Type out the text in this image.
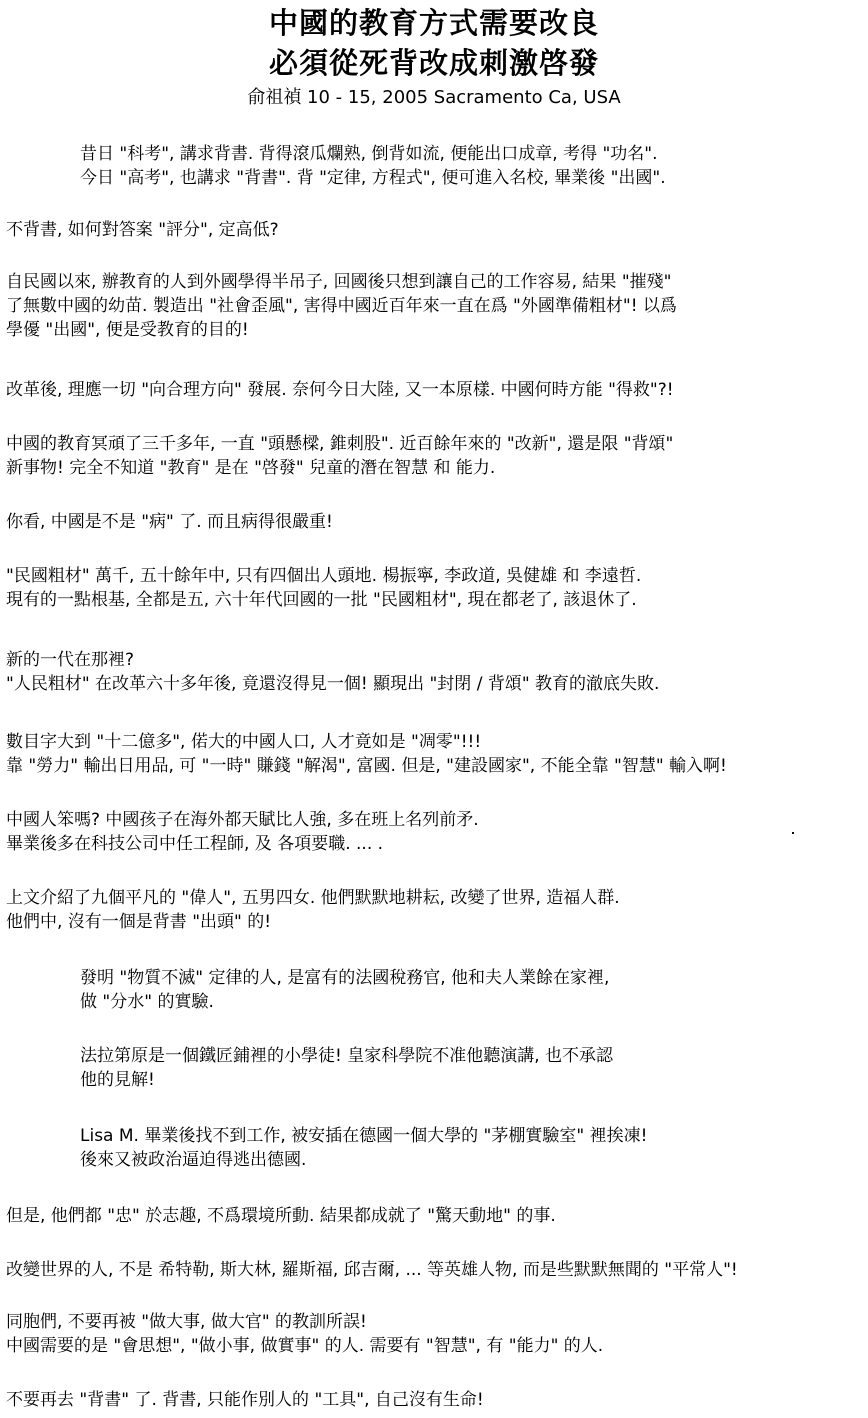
中國的教育方式需要改良
必須從死背改成刺激啓發
俞祖禎 10 - 15, 2005 Sacramento Ca, USA
昔日 "科考", 講求背書. 背得滾瓜爛熟, 倒背如流, 便能出口成章, 考得 "功名".
今日 "高考", 也講求 "背書". 背 "定律, 方程式", 便可進入名校, 畢業後 "出國".
不背書, 如何對答案 "評分", 定高低?
自民國以來, 辦教育的人到外國學得半吊子, 回國後只想到讓自己的工作容易, 結果 "摧殘"
了無數中國的幼苗. 製造出 "社會歪風", 害得中國近百年來一直在爲 "外國準備粗材"! 以爲
學優 "出國", 便是受教育的目的!
改革後, 理應一切 "向合理方向" 發展. 奈何今日大陸, 又一本原樣. 中國何時方能 "得救"?!
中國的教育冥頑了三千多年, 一直 "頭懸樑, 錐刺股". 近百餘年來的 "改新", 還是限 "背頌"
新事物! 完全不知道 "教育" 是在 "啓發" 兒童的潛在智慧 和 能力.
你看, 中國是不是 "病" 了. 而且病得很嚴重!
"民國粗材" 萬千, 五十餘年中, 只有四個出人頭地. 楊振寧, 李政道, 吳健雄 和 李遠哲.
現有的一點根基, 全都是五, 六十年代回國的一批 "民國粗材", 現在都老了, 該退休了.
新的一代在那裡?
"人民粗材" 在改革六十多年後, 竟還沒得見一個! 顯現出 "封閉 / 背頌" 教育的澈底失敗.
數目字大到 "十二億多", 偌大的中國人口, 人才竟如是 "凋零"!!!
靠 "勞力" 輸出日用品, 可 "一時" 賺錢 "解渴", 富國. 但是, "建設國家", 不能全靠 "智慧" 輸入啊!
中國人笨嗎? 中國孩子在海外都天賦比人強, 多在班上名列前矛.
畢業後多在科技公司中任工程師, 及 各項要職. ... .
上文介紹了九個平凡的 "偉人", 五男四女. 他們默默地耕耘, 改變了世界, 造福人群.
他們中, 沒有一個是背書 "出頭" 的!
發明 "物質不滅" 定律的人, 是富有的法國稅務官, 他和夫人業餘在家裡,
做 "分水" 的實驗.
法拉第原是一個鐵匠鋪裡的小學徒! 皇家科學院不准他聽演講, 也不承認
他的見解!
Lisa M. 畢業後找不到工作, 被安插在德國一個大學的 "茅棚實驗室" 裡挨凍!
後來又被政治逼迫得逃出德國.
但是, 他們都 "忠" 於志趣, 不爲環境所動. 結果都成就了 "驚天動地" 的事.
改變世界的人, 不是 希特勒, 斯大林, 羅斯福, 邱吉爾, ... 等英雄人物, 而是些默默無聞的 "平常人"!
同胞們, 不要再被 "做大事, 做大官" 的教訓所誤!
中國需要的是 "會思想", "做小事, 做實事" 的人. 需要有 "智慧", 有 "能力" 的人.
不要再去 "背書" 了. 背書, 只能作別人的 "工具", 自己沒有生命!
